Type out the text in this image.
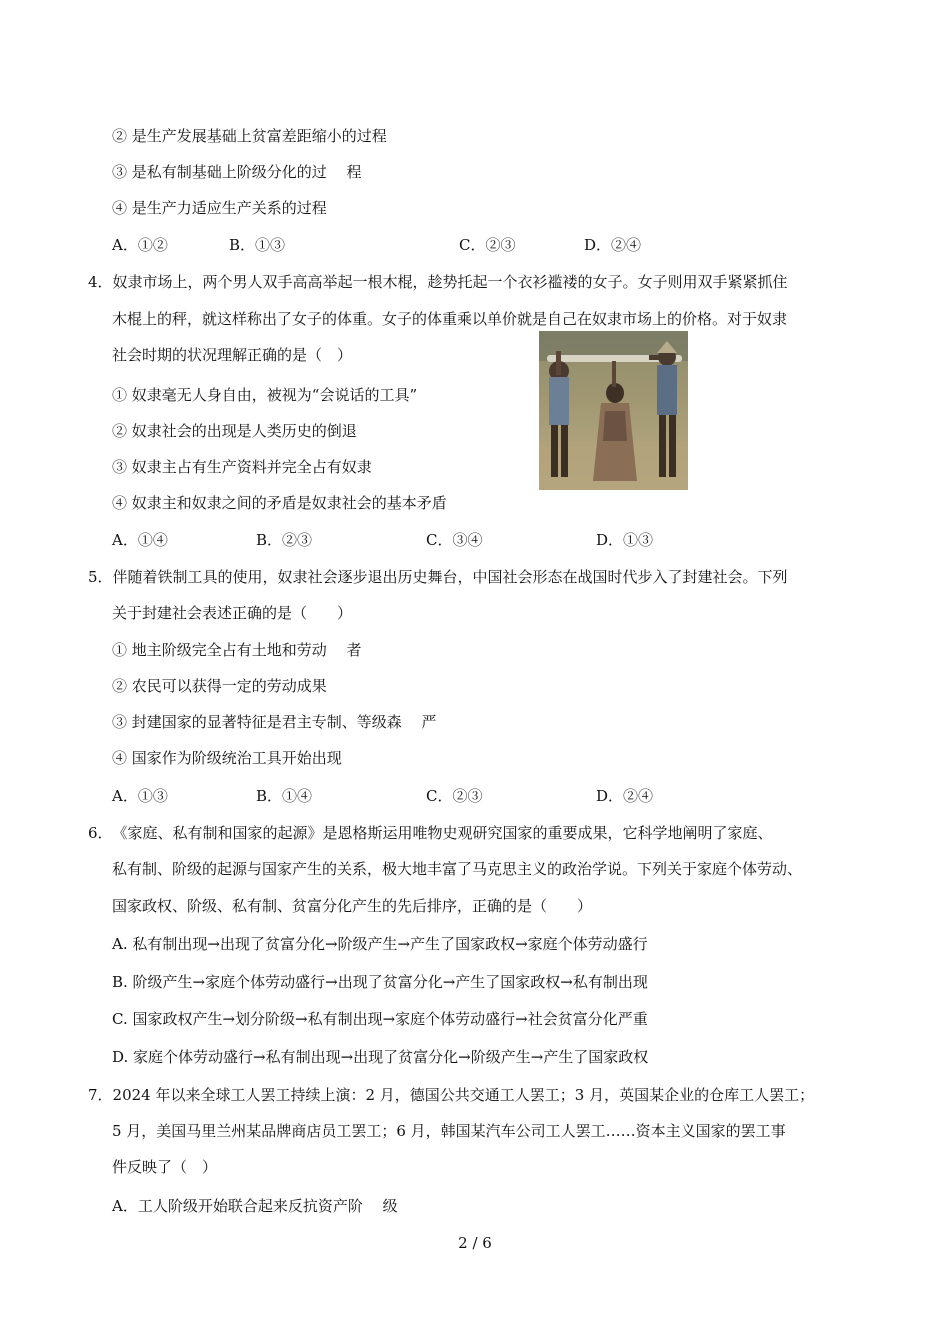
② 是生产发展基础上贫富差距缩小的过程
③ 是私有制基础上阶级分化的过　 程
④ 是生产力适应生产关系的过程
A．①②	B．①③	C．②③	D．②④
4．奴隶市场上，两个男人双手高高举起一根木棍，趁势托起一个衣衫褴褛的女子。女子则用双手紧紧抓住
木棍上的秤，就这样称出了女子的体重。女子的体重乘以单价就是自己在奴隶市场上的价格。对于奴隶
社会时期的状况理解正确的是（　）
① 奴隶毫无人身自由，被视为“会说话的工具”
② 奴隶社会的出现是人类历史的倒退
③ 奴隶主占有生产资料并完全占有奴隶
④ 奴隶主和奴隶之间的矛盾是奴隶社会的基本矛盾
A．①④	B．②③	C．③④	D．①③
5．伴随着铁制工具的使用，奴隶社会逐步退出历史舞台，中国社会形态在战国时代步入了封建社会。下列
关于封建社会表述正确的是（　　）
① 地主阶级完全占有土地和劳动　 者
② 农民可以获得一定的劳动成果
③ 封建国家的显著特征是君主专制、等级森　 严
④ 国家作为阶级统治工具开始出现
A．①③	B．①④	C．②③	D．②④
6．　《家庭、私有制和国家的起源》是恩格斯运用唯物史观研究国家的重要成果，它科学地阐明了家庭、
私有制、阶级的起源与国家产生的关系，极大地丰富了马克思主义的政治学说。下列关于家庭个体劳动、
国家政权、阶级、私有制、贫富分化产生的先后排序，正确的是（　　）
A. 私有制出现→出现了贫富分化→阶级产生→产生了国家政权→家庭个体劳动盛行
B. 阶级产生→家庭个体劳动盛行→出现了贫富分化→产生了国家政权→私有制出现
C. 国家政权产生→划分阶级→私有制出现→家庭个体劳动盛行→社会贫富分化严重
D. 家庭个体劳动盛行→私有制出现→出现了贫富分化→阶级产生→产生了国家政权
7．2024 年以来全球工人罢工持续上演：2 月，德国公共交通工人罢工；3 月，英国某企业的仓库工人罢工；
5 月，美国马里兰州某品牌商店员工罢工；6 月，韩国某汽车公司工人罢工……资本主义国家的罢工事
件反映了（　）
A．工人阶级开始联合起来反抗资产阶　 级
2 / 6
